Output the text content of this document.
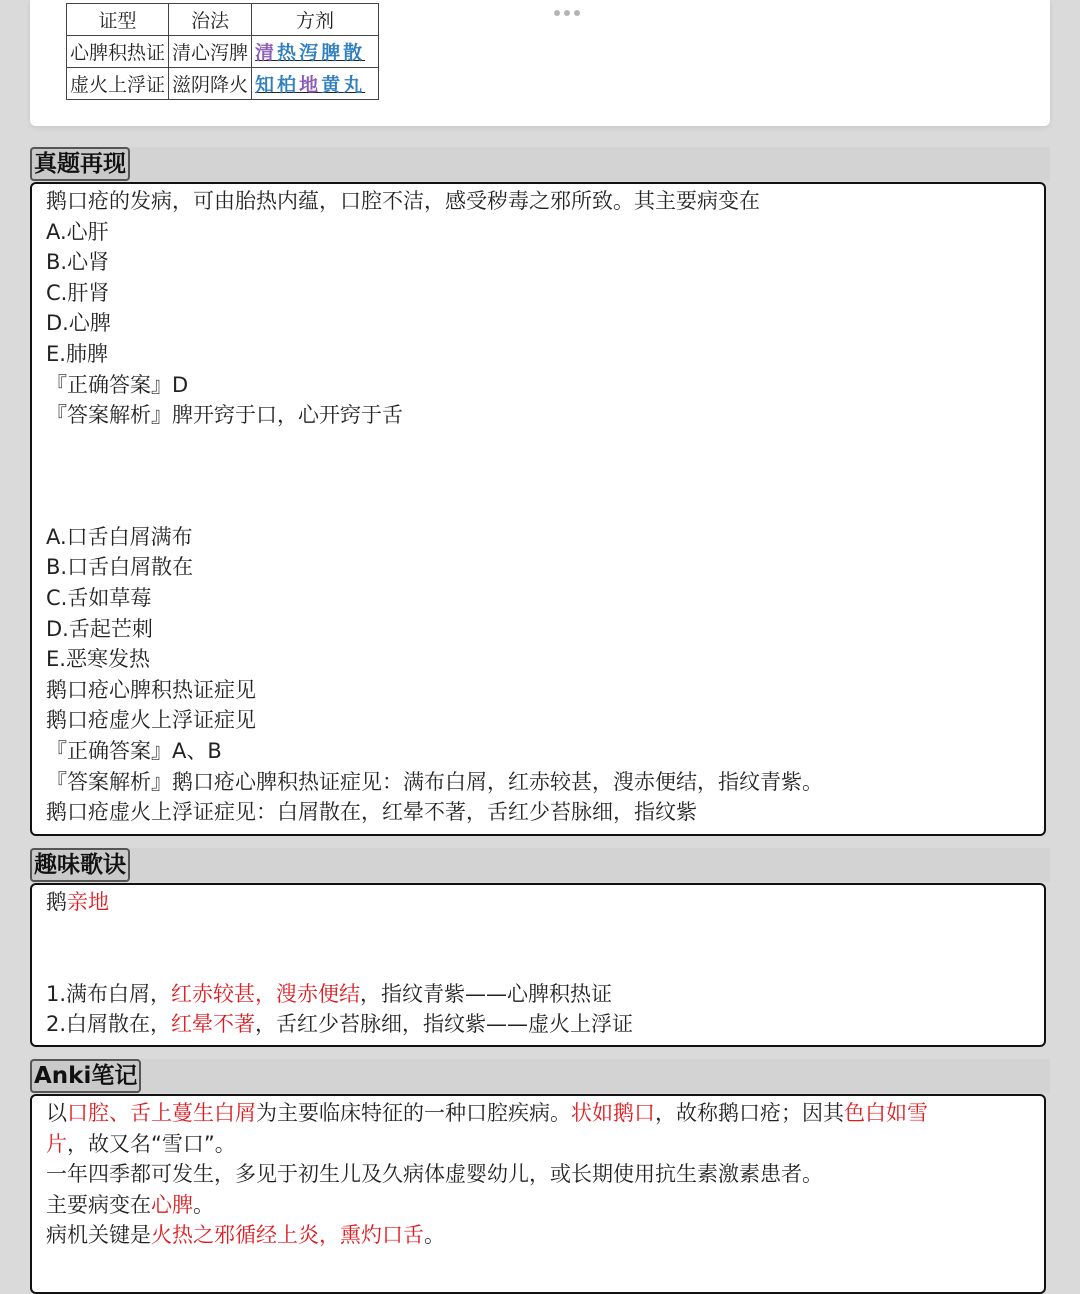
证型	治法	方剂
心脾积热证	清心泻脾	清热泻脾散
虚火上浮证	滋阴降火	知柏地黄丸
真题再现
鹅口疮的发病，可由胎热内蕴，口腔不洁，感受秽毒之邪所致。其主要病变在
A.心肝
B.心肾
C.肝肾
D.心脾
E.肺脾
『正确答案』D
『答案解析』脾开窍于口，心开窍于舌
A.口舌白屑满布
B.口舌白屑散在
C.舌如草莓
D.舌起芒刺
E.恶寒发热
鹅口疮心脾积热证症见
鹅口疮虚火上浮证症见
『正确答案』A、B
『答案解析』鹅口疮心脾积热证症见：满布白屑，红赤较甚，溲赤便结，指纹青紫。
鹅口疮虚火上浮证症见：白屑散在，红晕不著，舌红少苔脉细，指纹紫
趣味歌诀
鹅亲地
1.满布白屑，红赤较甚，溲赤便结，指纹青紫——心脾积热证
2.白屑散在，红晕不著，舌红少苔脉细，指纹紫——虚火上浮证
Anki笔记
以口腔、舌上蔓生白屑为主要临床特征的一种口腔疾病。状如鹅口，故称鹅口疮；因其色白如雪
片，故又名“雪口”。
一年四季都可发生，多见于初生儿及久病体虚婴幼儿，或长期使用抗生素激素患者。
主要病变在心脾。
病机关键是火热之邪循经上炎，熏灼口舌。
